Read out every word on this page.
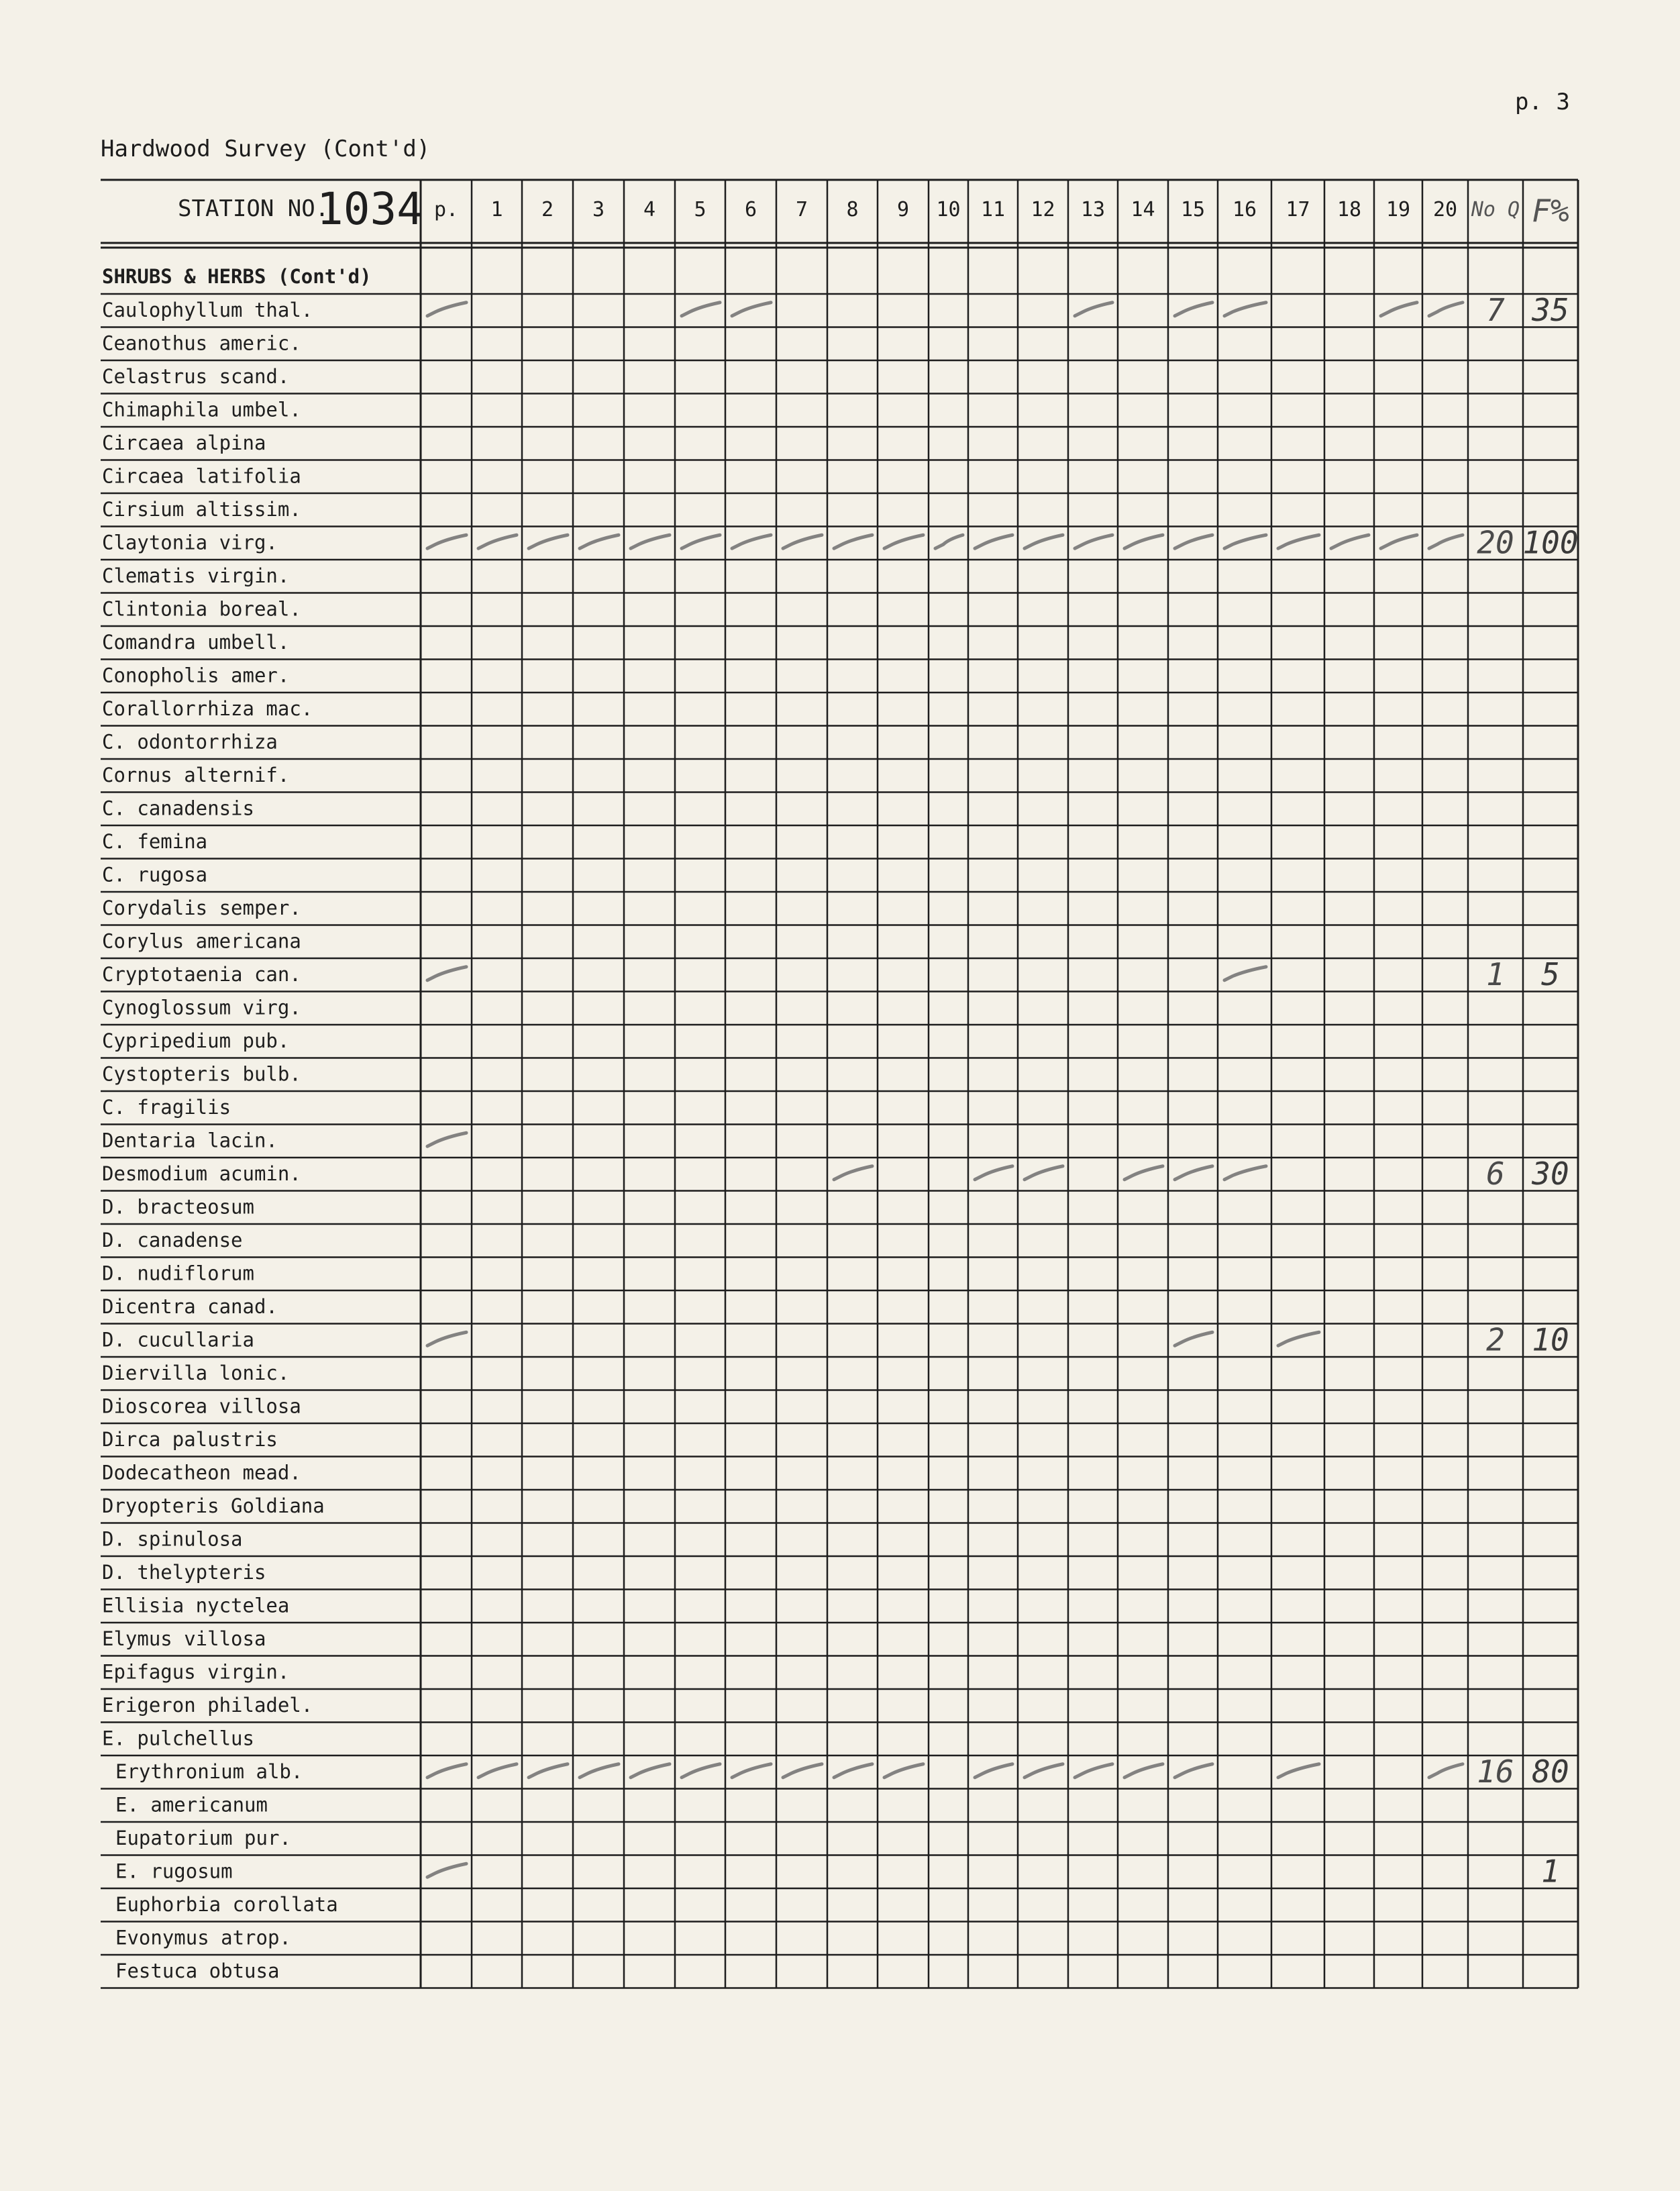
p. 3
Hardwood Survey (Cont'd)
STATION NO.
1034 p. 1 2 3 4 5 6 7 8 9 10 11 12 13 14 15 16 17 18 19 20 No Q F%
SHRUBS & HERBS (Cont'd)
Caulophyllum thal.
Ceanothus americ.
Celastrus scand.
Chimaphila umbel.
Circaea alpina
Circaea latifolia
Cirsium altissim.
Claytonia virg.
Clematis virgin.
Clintonia boreal.
Comandra umbell.
Conopholis amer.
Corallorrhiza mac.
C. odontorrhiza
Cornus alternif.
C. canadensis
C. femina
C. rugosa
Corydalis semper.
Corylus americana
Cryptotaenia can.
Cynoglossum virg.
Cypripedium pub.
Cystopteris bulb.
C. fragilis
Dentaria lacin.
Desmodium acumin.
D. bracteosum
D. canadense
D. nudiflorum
Dicentra canad.
D. cucullaria
Diervilla lonic.
Dioscorea villosa
Dirca palustris
Dodecatheon mead.
Dryopteris Goldiana
D. spinulosa
D. thelypteris
Ellisia nyctelea
Elymus villosa
Epifagus virgin.
Erigeron philadel.
E. pulchellus
Erythronium alb.
E. americanum
Eupatorium pur.
E. rugosum
Euphorbia corollata
Evonymus atrop.
Festuca obtusa
7 35
20 100
1 5
6 30
2 10
16 80
1
